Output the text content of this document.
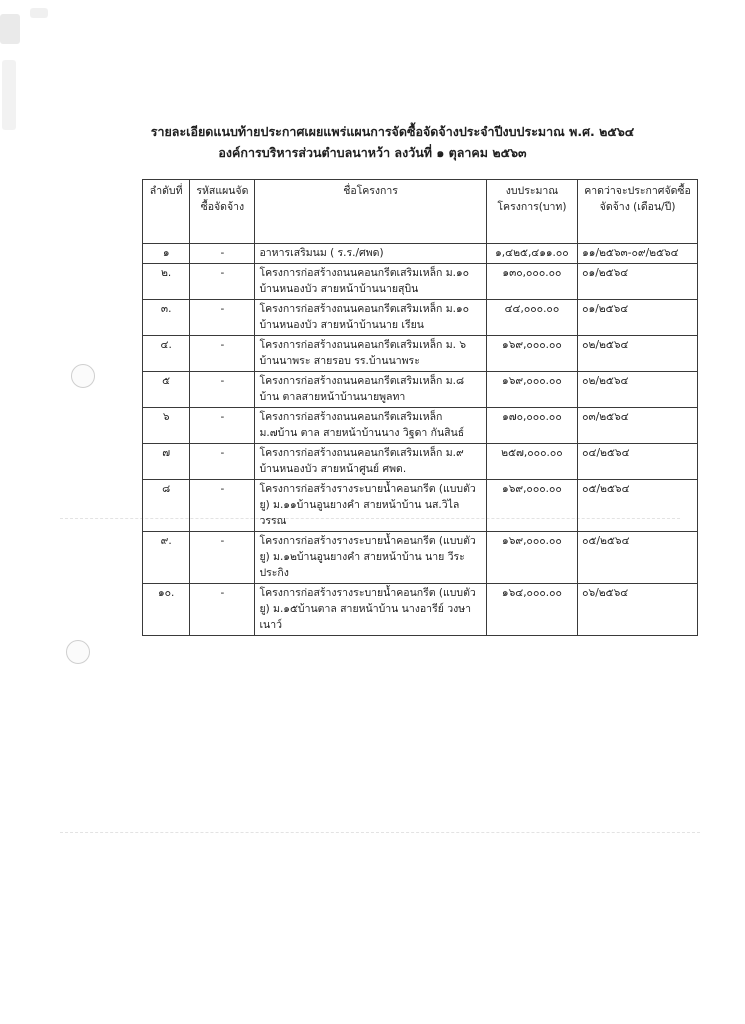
รายละเอียดแนบท้ายประกาศเผยแพร่แผนการจัดซื้อจัดจ้างประจำปีงบประมาณ พ.ศ. ๒๕๖๔
องค์การบริหารส่วนตำบลนาหว้า ลงวันที่ ๑ ตุลาคม ๒๕๖๓
ลำดับที่	รหัสแผนจัดซื้อจัดจ้าง	ชื่อโครงการ	งบประมาณโครงการ(บาท)	คาดว่าจะประกาศจัดซื้อจัดจ้าง (เดือน/ปี)
๑	-	อาหารเสริมนม ( ร.ร./ศพด)	๑,๔๒๕,๔๑๑.๐๐	๑๑/๒๕๖๓-๐๙/๒๕๖๔
๒.	-	โครงการก่อสร้างถนนคอนกรีตเสริมเหล็ก ม.๑๐ บ้านหนองบัว สายหน้าบ้านนายสุบิน	๑๓๐,๐๐๐.๐๐	๐๑/๒๕๖๔
๓.	-	โครงการก่อสร้างถนนคอนกรีตเสริมเหล็ก ม.๑๐ บ้านหนองบัว สายหน้าบ้านนาย เรียน	๔๔,๐๐๐.๐๐	๐๑/๒๕๖๔
๔.	-	โครงการก่อสร้างถนนคอนกรีตเสริมเหล็ก ม. ๖ บ้านนาพระ สายรอบ รร.บ้านนาพระ	๑๖๙,๐๐๐.๐๐	๐๒/๒๕๖๔
๕	-	โครงการก่อสร้างถนนคอนกรีตเสริมเหล็ก ม.๘ บ้าน ตาลสายหน้าบ้านนายพูลทา	๑๖๙,๐๐๐.๐๐	๐๒/๒๕๖๔
๖	-	โครงการก่อสร้างถนนคอนกรีตเสริมเหล็ก ม.๗บ้าน ตาล สายหน้าบ้านนาง วิฐดา กันสินธ์	๑๗๐,๐๐๐.๐๐	๐๓/๒๕๖๔
๗	-	โครงการก่อสร้างถนนคอนกรีตเสริมเหล็ก ม.๙ บ้านหนองบัว สายหน้าศูนย์ ศพด.	๒๕๗,๐๐๐.๐๐	๐๔/๒๕๖๔
๘	-	โครงการก่อสร้างรางระบายน้ำคอนกรีต (แบบตัว ยู) ม.๑๑บ้านอูนยางคำ สายหน้าบ้าน นส.วิไล วรรณ	๑๖๙,๐๐๐.๐๐	๐๕/๒๕๖๔
๙.	-	โครงการก่อสร้างรางระบายน้ำคอนกรีต (แบบตัว ยู) ม.๑๒บ้านอูนยางคำ สายหน้าบ้าน นาย วีระ ประกิง	๑๖๙,๐๐๐.๐๐	๐๕/๒๕๖๔
๑๐.	-	โครงการก่อสร้างรางระบายน้ำคอนกรีต (แบบตัว ยู) ม.๑๕บ้านตาล สายหน้าบ้าน นางอารีย์ วงษา เนาว์	๑๖๔,๐๐๐.๐๐	๐๖/๒๕๖๔
